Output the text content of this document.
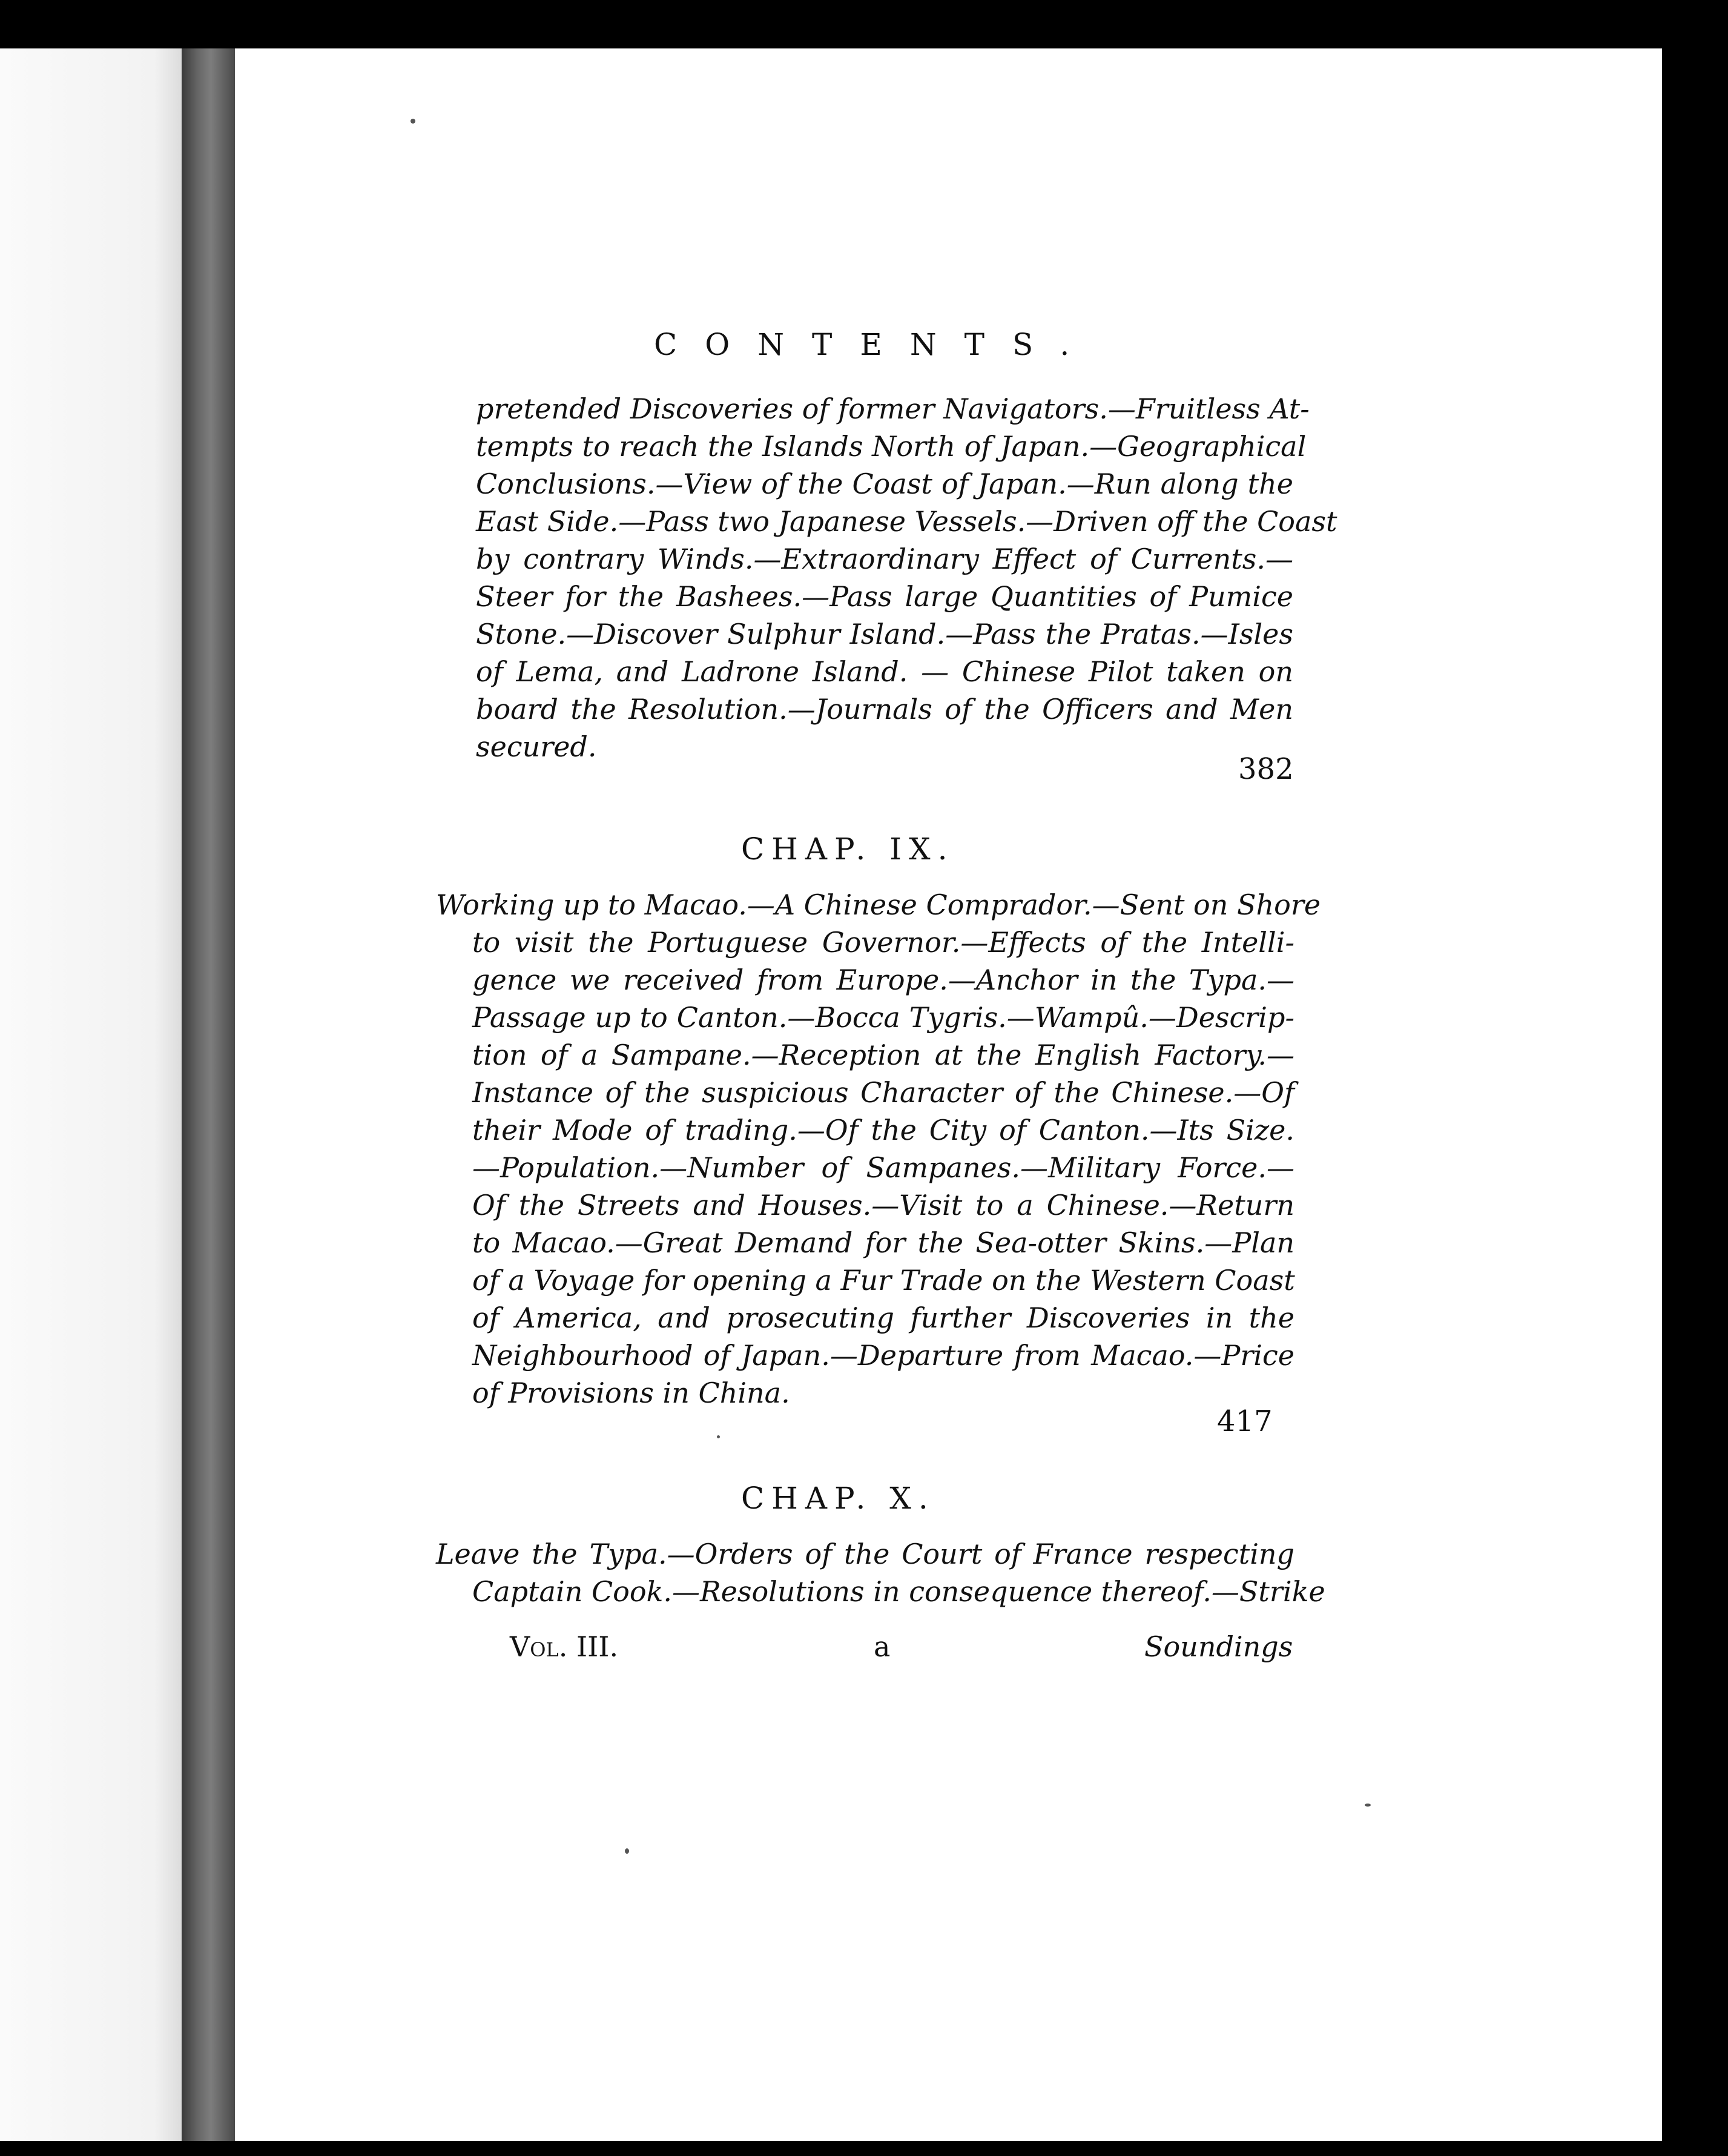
CONTENTS.
pretended Discoveries of former Navigators.—Fruitless At-
tempts to reach the Islands North of Japan.—Geographical
Conclusions.—View of the Coast of Japan.—Run along the
East Side.—Pass two Japanese Vessels.—Driven off the Coast
by contrary Winds.—Extraordinary Effect of Currents.—
Steer for the Bashees.—Pass large Quantities of Pumice
Stone.—Discover Sulphur Island.—Pass the Pratas.—Isles
of Lema, and Ladrone Island. — Chinese Pilot taken on
board the Resolution.—Journals of the Officers and Men
secured.
382
CHAP. IX.
Working up to Macao.—A Chinese Comprador.—Sent on Shore
to visit the Portuguese Governor.—Effects of the Intelli-
gence we received from Europe.—Anchor in the Typa.—
Passage up to Canton.—Bocca Tygris.—Wampû.—Descrip-
tion of a Sampane.—Reception at the English Factory.—
Instance of the suspicious Character of the Chinese.—Of
their Mode of trading.—Of the City of Canton.—Its Size.
—Population.—Number of Sampanes.—Military Force.—
Of the Streets and Houses.—Visit to a Chinese.—Return
to Macao.—Great Demand for the Sea-otter Skins.—Plan
of a Voyage for opening a Fur Trade on the Western Coast
of America, and prosecuting further Discoveries in the
Neighbourhood of Japan.—Departure from Macao.—Price
of Provisions in China.
417
CHAP. X.
Leave the Typa.—Orders of the Court of France respecting
Captain Cook.—Resolutions in consequence thereof.—Strike
Vol. III.	a	Soundings
